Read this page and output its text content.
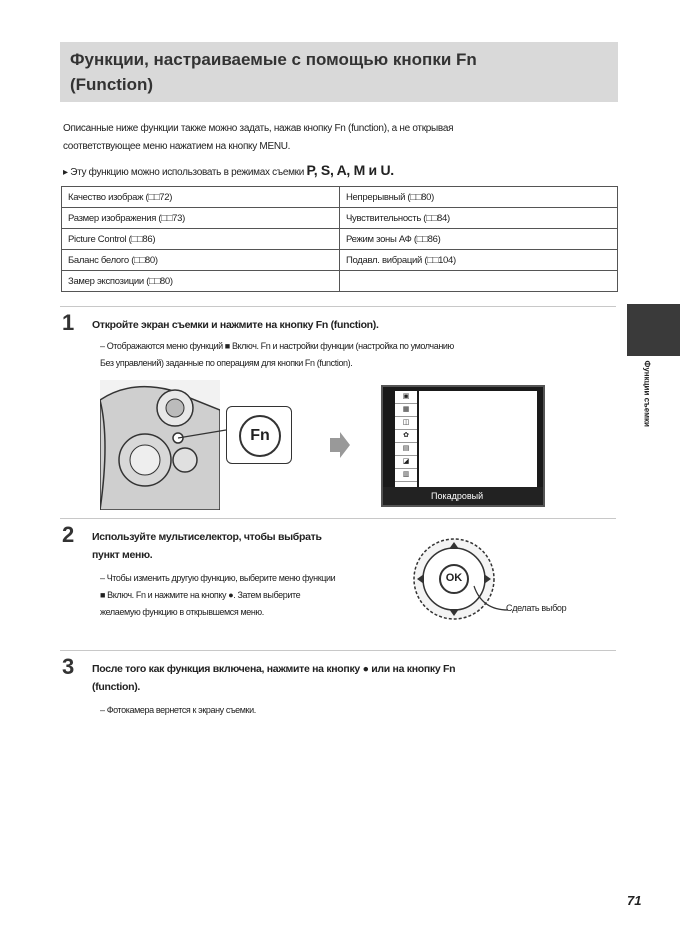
Функции, настраиваемые с помощью кнопки Fn
(Function)
Описанные ниже функции также можно задать, нажав кнопку Fn (function), а не открывая
соответствующее меню нажатием на кнопку MENU.
▸ Эту функцию можно использовать в режимах съемки P, S, A, M и U.
Качество изображ (□□72)	Непрерывный (□□80)
Размер изображения (□□73)	Чувствительность (□□84)
Picture Control (□□86)	Режим зоны АФ (□□86)
Баланс белого (□□80)	Подавл. вибраций (□□104)
Замер экспозиции (□□80)	
1 Откройте экран съемки и нажмите на кнопку Fn (function).
– Отображаются меню функций ■ Включ. Fn и настройки функции (настройка по умолчанию
Без управлений) заданные по операциям для кнопки Fn (function).
Fn
▣
▦
◫
✿
▤
◪
▥
Покадровый
2 Используйте мультиселектор, чтобы выбрать
пункт меню.
– Чтобы изменить другую функцию, выберите меню функции
■ Включ. Fn и нажмите на кнопку ●. Затем выберите
желаемую функцию в открывшемся меню.
OK
Сделать выбор
3 После того как функция включена, нажмите на кнопку ● или на кнопку Fn
(function).
– Фотокамера вернется к экрану съемки.
Функции съемки
71
